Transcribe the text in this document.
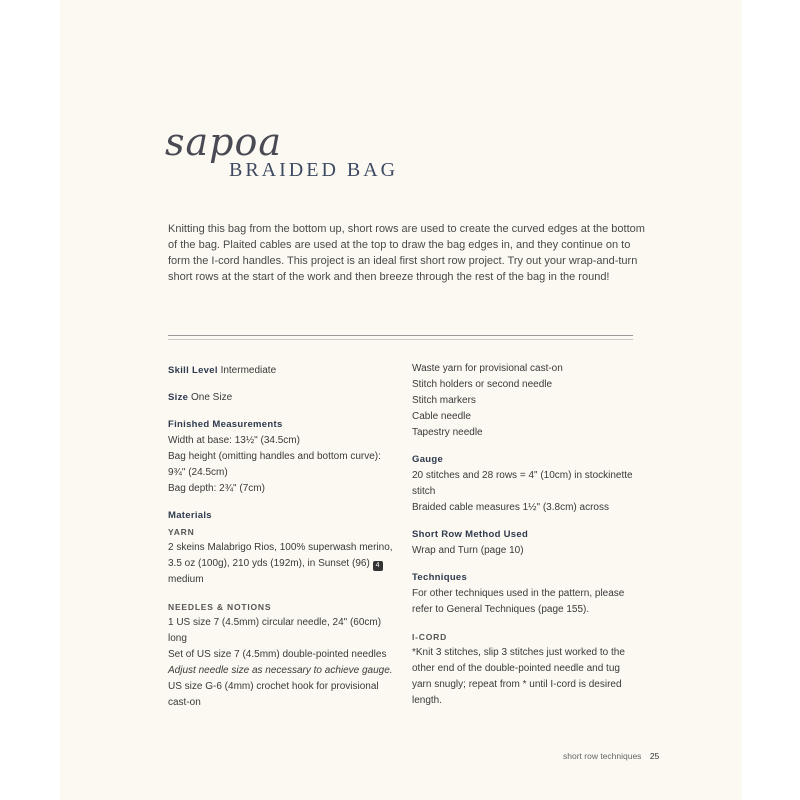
sapoa
BRAIDED BAG
Knitting this bag from the bottom up, short rows are used to create the curved edges at the bottom of the bag. Plaited cables are used at the top to draw the bag edges in, and they continue on to form the I-cord handles. This project is an ideal first short row project. Try out your wrap-and-turn short rows at the start of the work and then breeze through the rest of the bag in the round!
Skill Level Intermediate
Size One Size
Finished Measurements
Width at base: 13½" (34.5cm)
Bag height (omitting handles and bottom curve):
9¾" (24.5cm)
Bag depth: 2¾" (7cm)
Materials
YARN
2 skeins Malabrigo Rios, 100% superwash merino,
3.5 oz (100g), 210 yds (192m), in Sunset (96) 4
medium
NEEDLES & NOTIONS
1 US size 7 (4.5mm) circular needle, 24" (60cm)
long
Set of US size 7 (4.5mm) double-pointed needles
Adjust needle size as necessary to achieve gauge.
US size G-6 (4mm) crochet hook for provisional
cast-on
Waste yarn for provisional cast-on
Stitch holders or second needle
Stitch markers
Cable needle
Tapestry needle
Gauge
20 stitches and 28 rows = 4" (10cm) in stockinette
stitch
Braided cable measures 1½" (3.8cm) across
Short Row Method Used
Wrap and Turn (page 10)
Techniques
For other techniques used in the pattern, please
refer to General Techniques (page 155).
I-CORD
*Knit 3 stitches, slip 3 stitches just worked to the
other end of the double-pointed needle and tug
yarn snugly; repeat from * until I-cord is desired
length.
short row techniques 25
